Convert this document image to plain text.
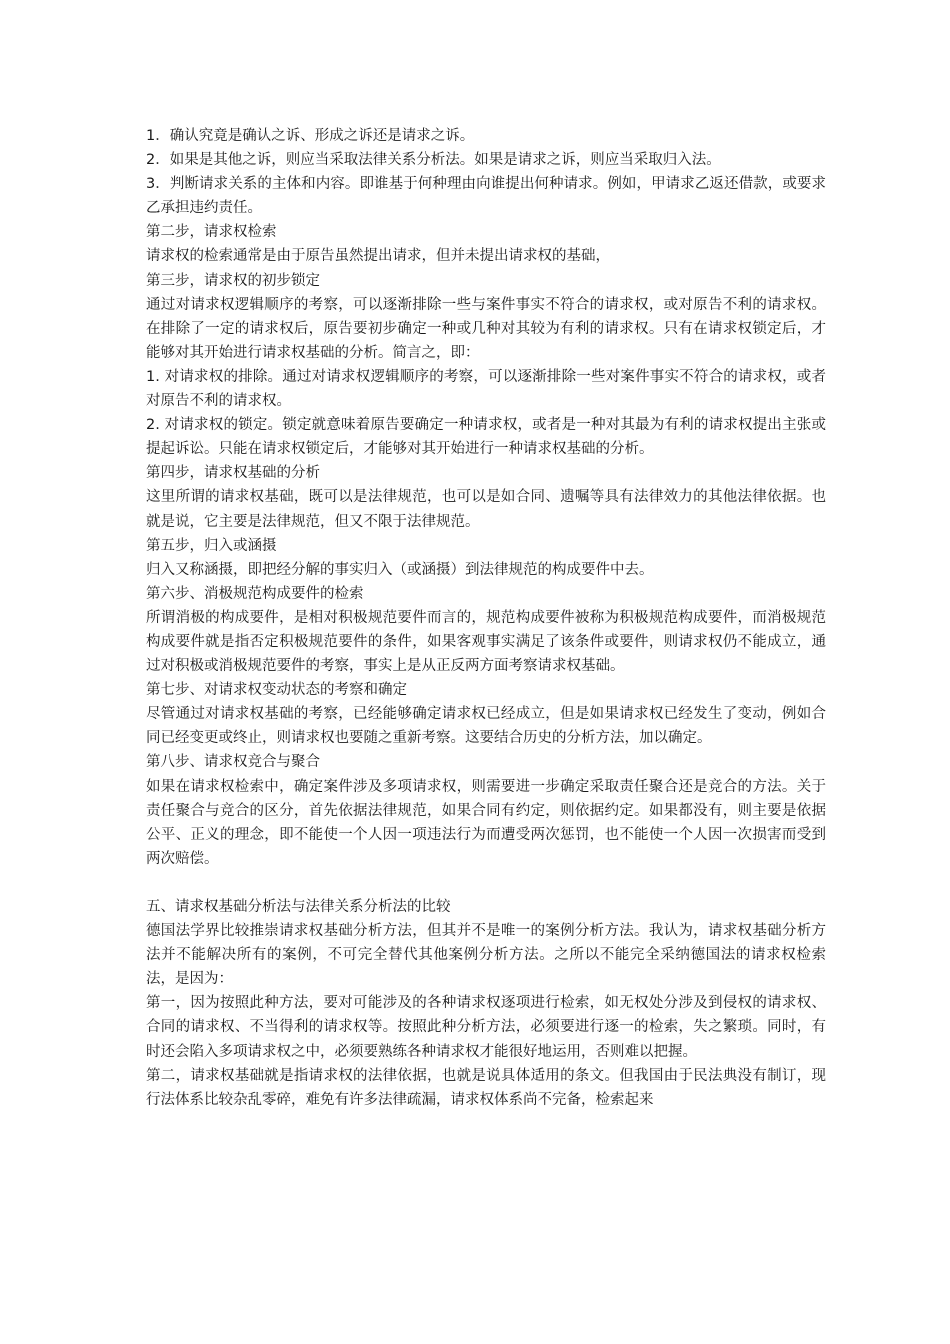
1．确认究竟是确认之诉、形成之诉还是请求之诉。

2．如果是其他之诉，则应当采取法律关系分析法。如果是请求之诉，则应当采取归入法。

3．判断请求关系的主体和内容。即谁基于何种理由向谁提出何种请求。例如，甲请求乙返还借款，或要求乙承担违约责任。

第二步，请求权检索

请求权的检索通常是由于原告虽然提出请求，但并未提出请求权的基础，

第三步，请求权的初步锁定

通过对请求权逻辑顺序的考察，可以逐渐排除一些与案件事实不符合的请求权，或对原告不利的请求权。在排除了一定的请求权后，原告要初步确定一种或几种对其较为有利的请求权。只有在请求权锁定后，才能够对其开始进行请求权基础的分析。简言之，即：

1. 对请求权的排除。通过对请求权逻辑顺序的考察，可以逐渐排除一些对案件事实不符合的请求权，或者对原告不利的请求权。

2. 对请求权的锁定。锁定就意味着原告要确定一种请求权，或者是一种对其最为有利的请求权提出主张或提起诉讼。只能在请求权锁定后，才能够对其开始进行一种请求权基础的分析。

第四步，请求权基础的分析

这里所谓的请求权基础，既可以是法律规范，也可以是如合同、遗嘱等具有法律效力的其他法律依据。也就是说，它主要是法律规范，但又不限于法律规范。

第五步，归入或涵摄

归入又称涵摄，即把经分解的事实归入（或涵摄）到法律规范的构成要件中去。

第六步、消极规范构成要件的检索

所谓消极的构成要件，是相对积极规范要件而言的，规范构成要件被称为积极规范构成要件，而消极规范构成要件就是指否定积极规范要件的条件，如果客观事实满足了该条件或要件，则请求权仍不能成立，通过对积极或消极规范要件的考察，事实上是从正反两方面考察请求权基础。

第七步、对请求权变动状态的考察和确定

尽管通过对请求权基础的考察，已经能够确定请求权已经成立，但是如果请求权已经发生了变动，例如合同已经变更或终止，则请求权也要随之重新考察。这要结合历史的分析方法，加以确定。

第八步、请求权竞合与聚合

如果在请求权检索中，确定案件涉及多项请求权，则需要进一步确定采取责任聚合还是竞合的方法。关于责任聚合与竞合的区分，首先依据法律规范，如果合同有约定，则依据约定。如果都没有，则主要是依据公平、正义的理念，即不能使一个人因一项违法行为而遭受两次惩罚，也不能使一个人因一次损害而受到两次赔偿。

五、请求权基础分析法与法律关系分析法的比较

德国法学界比较推崇请求权基础分析方法，但其并不是唯一的案例分析方法。我认为，请求权基础分析方法并不能解决所有的案例，不可完全替代其他案例分析方法。之所以不能完全采纳德国法的请求权检索法，是因为：

第一，因为按照此种方法，要对可能涉及的各种请求权逐项进行检索，如无权处分涉及到侵权的请求权、合同的请求权、不当得利的请求权等。按照此种分析方法，必须要进行逐一的检索，失之繁琐。同时，有时还会陷入多项请求权之中，必须要熟练各种请求权才能很好地运用，否则难以把握。

第二，请求权基础就是指请求权的法律依据，也就是说具体适用的条文。但我国由于民法典没有制订，现行法体系比较杂乱零碎，难免有许多法律疏漏，请求权体系尚不完备，检索起来
